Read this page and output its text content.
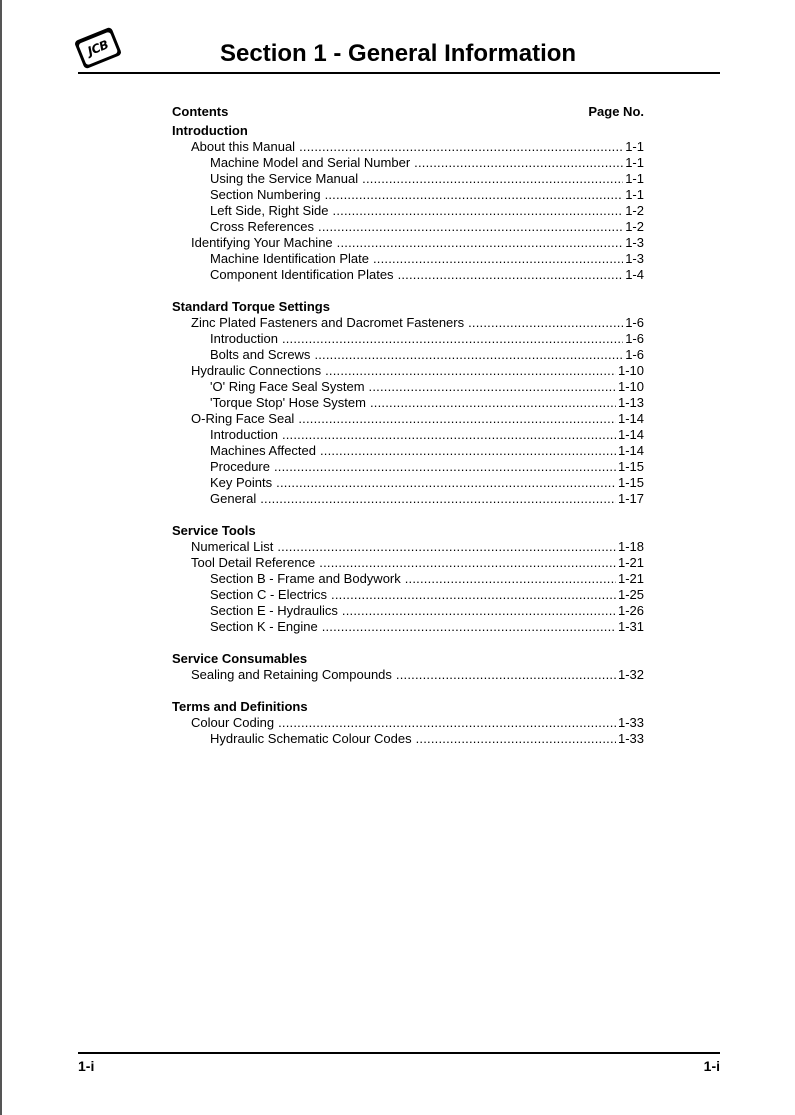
JCB	Section 1 - General Information
Contents	Page No.
Introduction
About this Manual .....	1-1
Machine Model and Serial Number .....	1-1
Using the Service Manual .....	1-1
Section Numbering .....	1-1
Left Side, Right Side .....	1-2
Cross References .....	1-2
Identifying Your Machine .....	1-3
Machine Identification Plate .....	1-3
Component Identification Plates .....	1-4
Standard Torque Settings
Zinc Plated Fasteners and Dacromet Fasteners .....	1-6
Introduction .....	1-6
Bolts and Screws .....	1-6
Hydraulic Connections .....	1-10
'O' Ring Face Seal System .....	1-10
'Torque Stop' Hose System .....	1-13
O-Ring Face Seal .....	1-14
Introduction .....	1-14
Machines Affected .....	1-14
Procedure .....	1-15
Key Points .....	1-15
General .....	1-17
Service Tools
Numerical List .....	1-18
Tool Detail Reference .....	1-21
Section B - Frame and Bodywork .....	1-21
Section C - Electrics .....	1-25
Section E - Hydraulics .....	1-26
Section K - Engine .....	1-31
Service Consumables
Sealing and Retaining Compounds .....	1-32
Terms and Definitions
Colour Coding .....	1-33
Hydraulic Schematic Colour Codes .....	1-33
1-i	1-i
